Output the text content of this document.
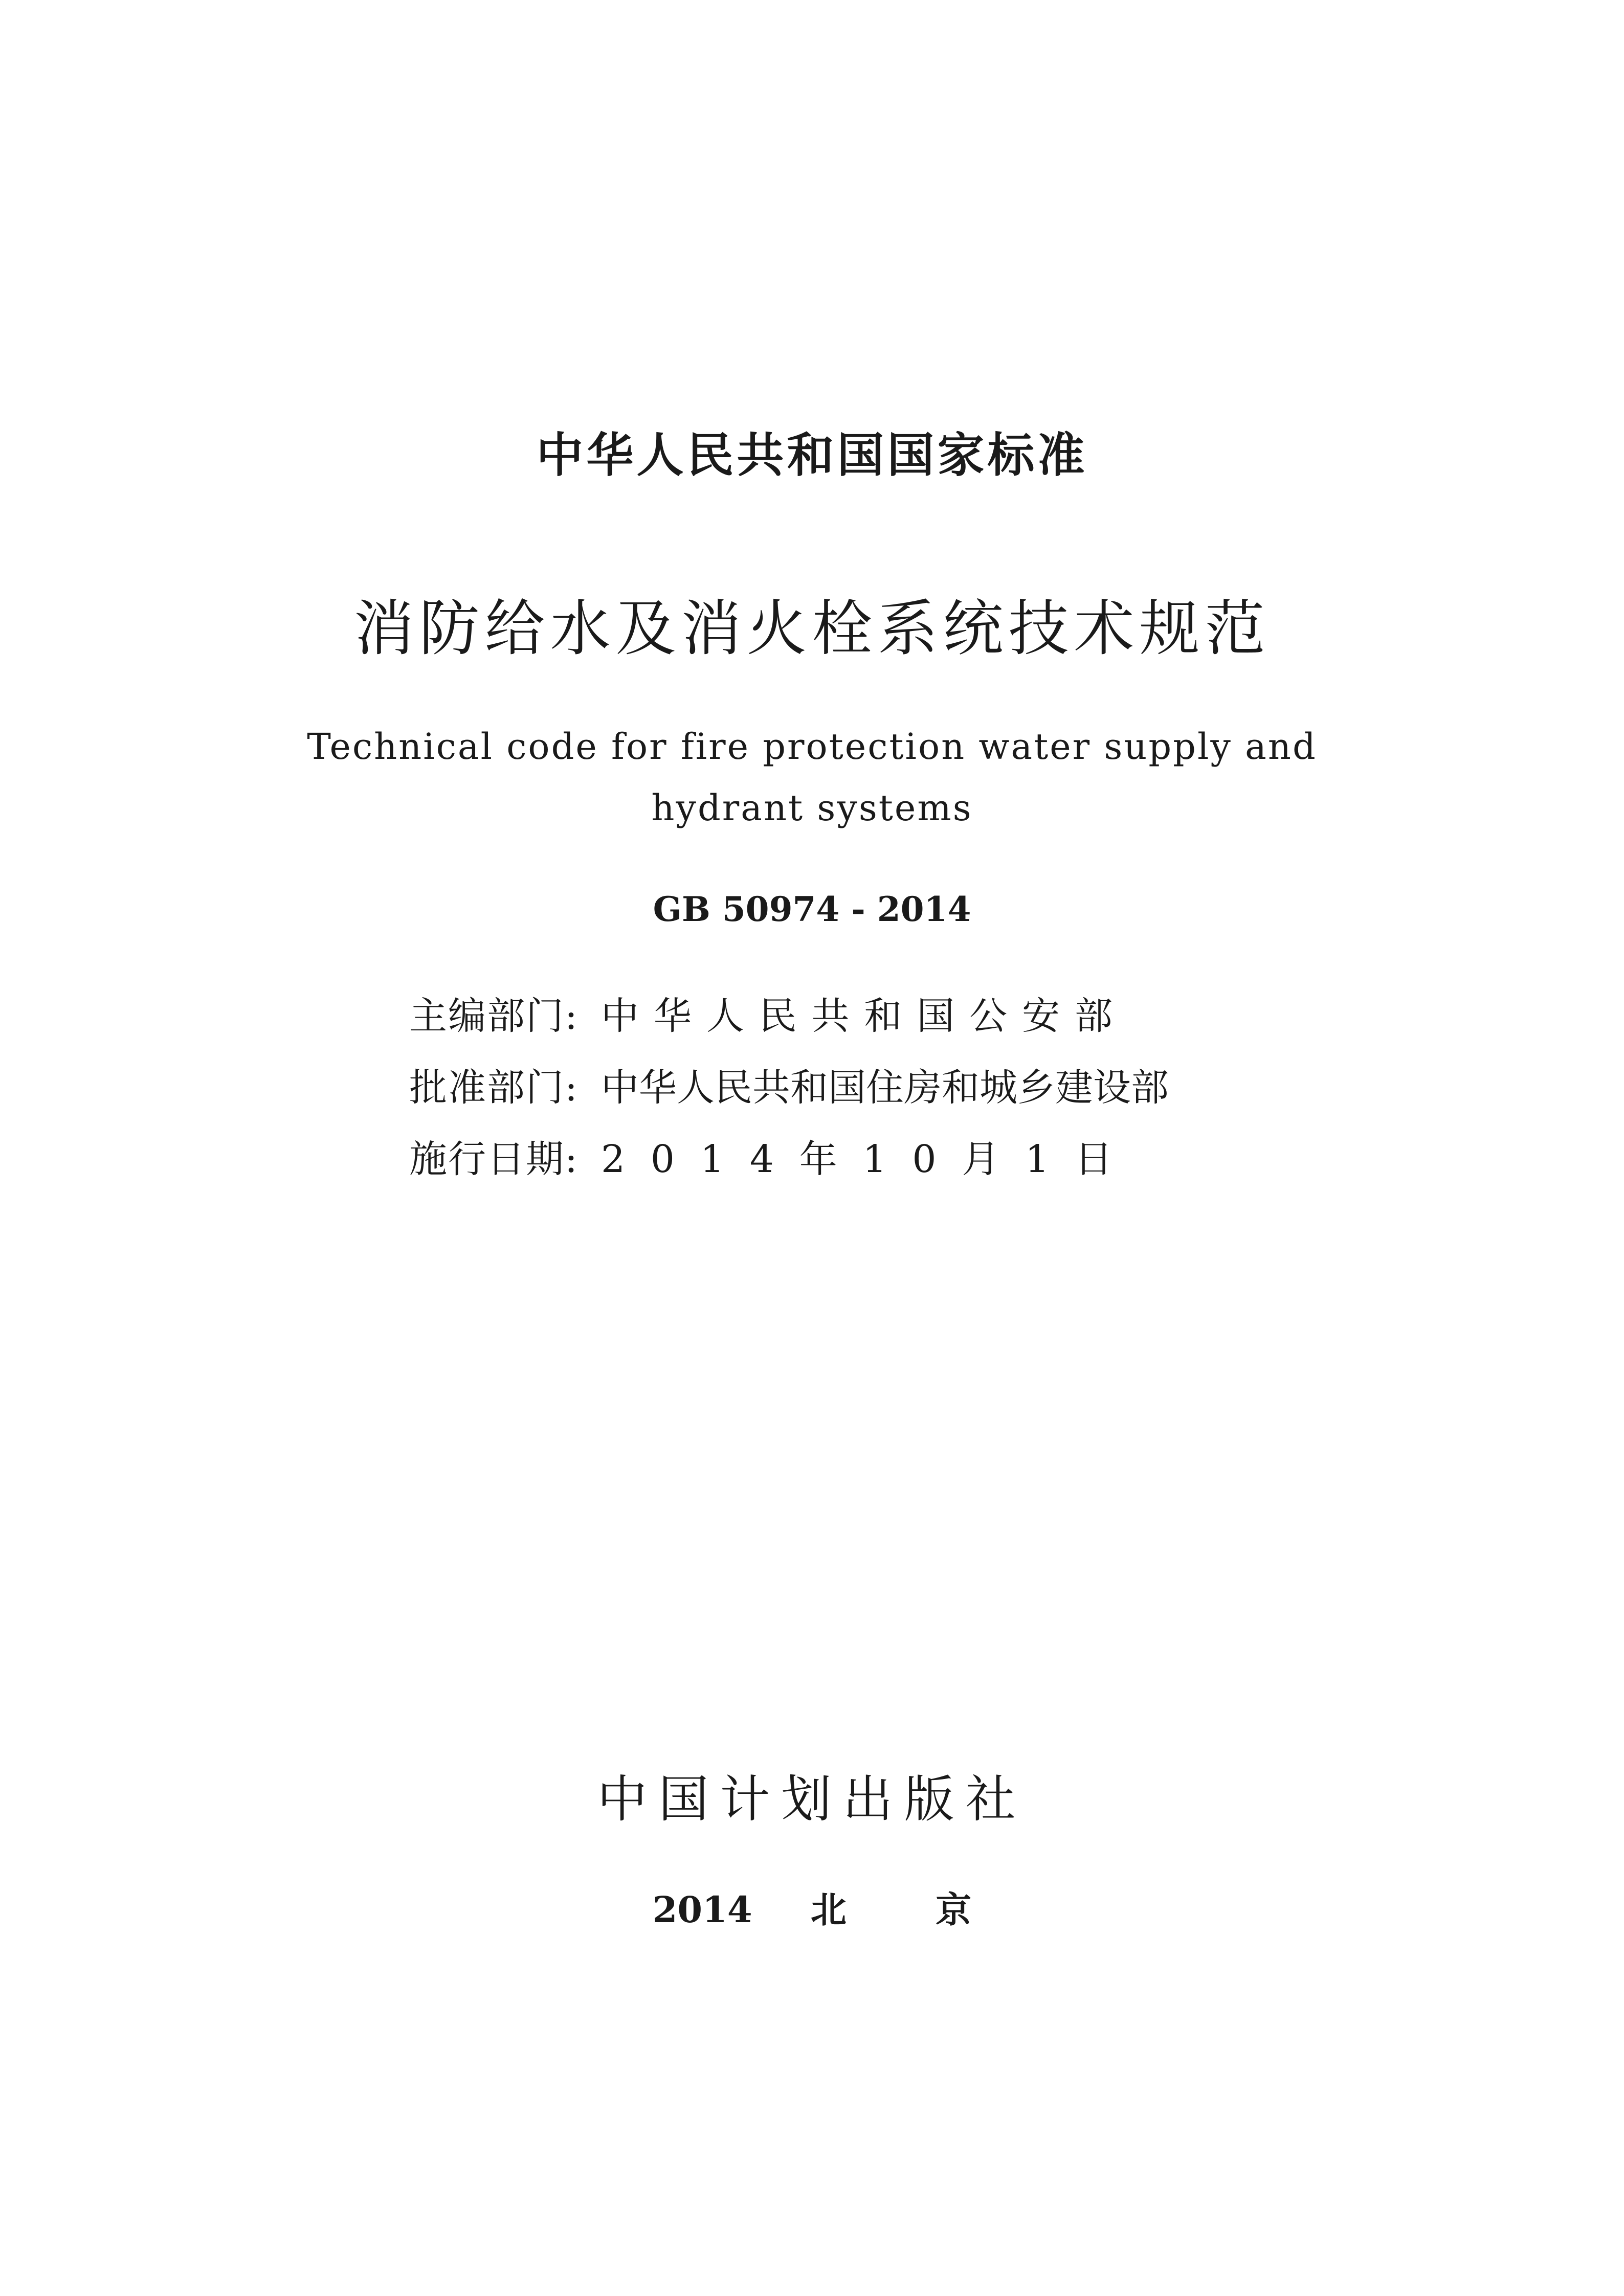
中华人民共和国国家标准
消防给水及消火栓系统技术规范
Technical code for fire protection water supply and
hydrant systems
GB 50974 - 2014
主编部门: 中 华 人 民 共 和 国 公 安 部
批准部门: 中华人民共和国住房和城乡建设部
施行日期: 2 0 1 4 年 1 0 月 1 日
中国计划出版社
2014 北 京
